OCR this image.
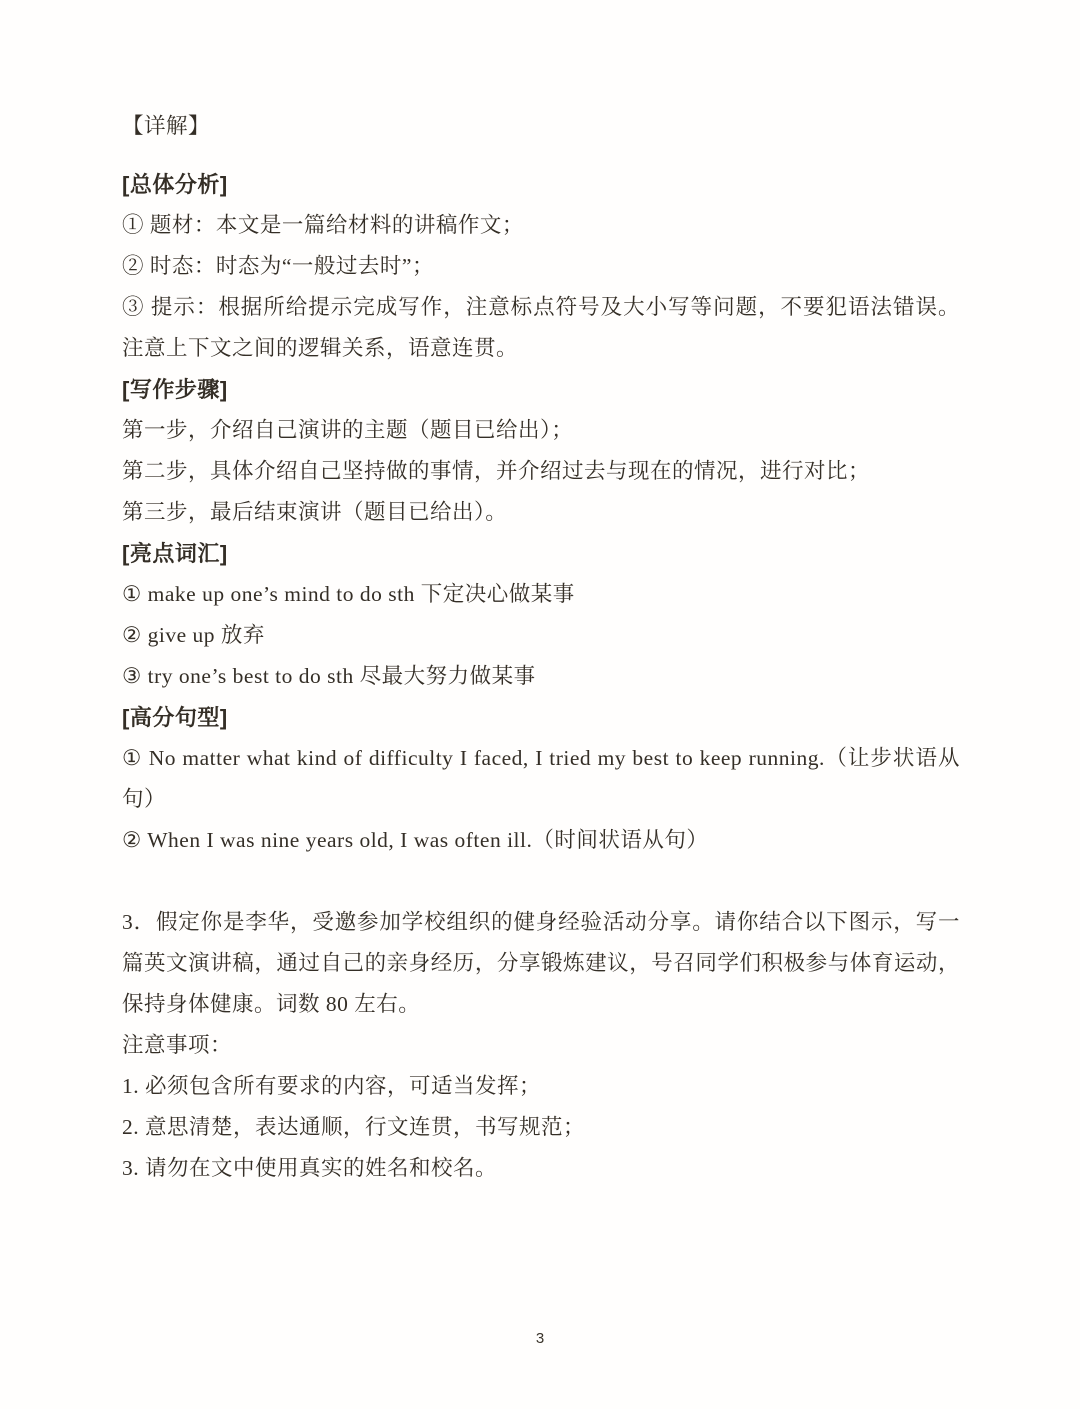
【详解】

[总体分析]

① 题材：本文是一篇给材料的讲稿作文；

② 时态：时态为“一般过去时”；

③ 提示：根据所给提示完成写作，注意标点符号及大小写等问题，不要犯语法错误。注意上下文之间的逻辑关系，语意连贯。

[写作步骤]

第一步，介绍自己演讲的主题（题目已给出）；

第二步，具体介绍自己坚持做的事情，并介绍过去与现在的情况，进行对比；

第三步，最后结束演讲（题目已给出）。

[亮点词汇]

① make up one’s mind to do sth 下定决心做某事

② give up 放弃

③ try one’s best to do sth 尽最大努力做某事

[高分句型]

① No matter what kind of difficulty I faced, I tried my best to keep running.（让步状语从句）

② When I was nine years old, I was often ill.（时间状语从句）

3．假定你是李华，受邀参加学校组织的健身经验活动分享。请你结合以下图示，写一篇英文演讲稿，通过自己的亲身经历，分享锻炼建议，号召同学们积极参与体育运动，保持身体健康。词数 80 左右。

注意事项：

1. 必须包含所有要求的内容，可适当发挥；

2. 意思清楚，表达通顺，行文连贯，书写规范；

3. 请勿在文中使用真实的姓名和校名。

3
